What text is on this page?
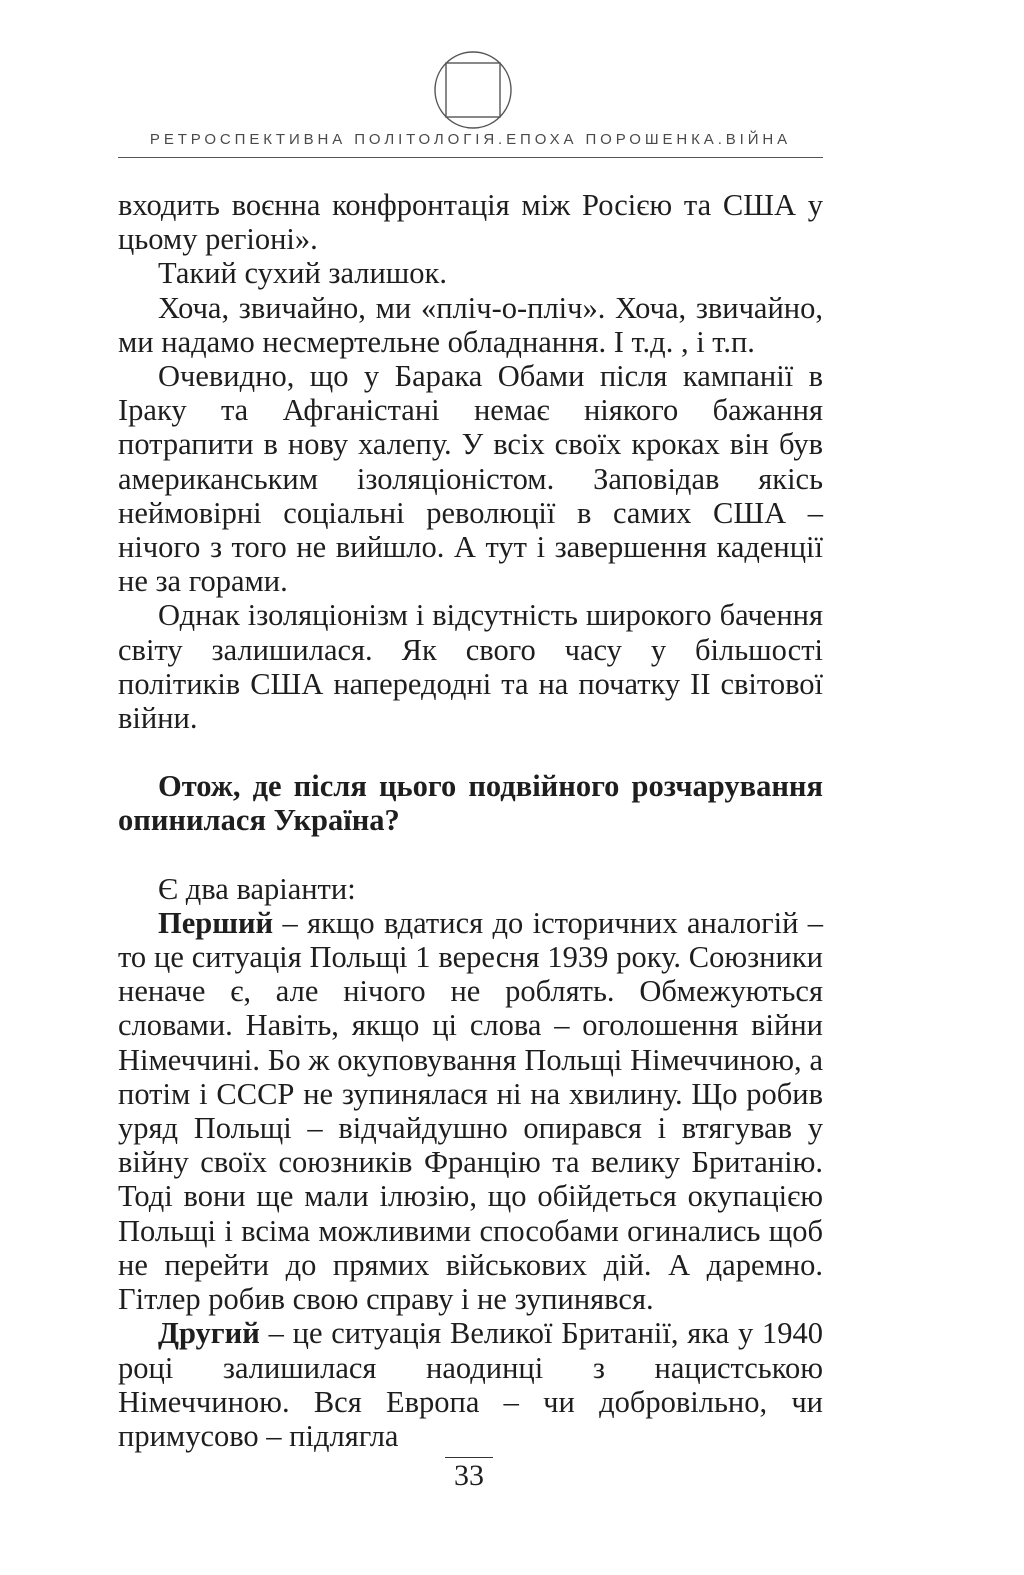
РЕТРОСПЕКТИВНА ПОЛІТОЛОГІЯ.ЕПОХА ПОРОШЕНКА.ВІЙНА

входить воєнна конфронтація між Росією та США у цьому регіоні».

Такий сухий залишок.

Хоча, звичайно, ми «пліч-о-пліч». Хоча, звичайно, ми надамо несмертельне обладнання. І т.д. , і т.п.

Очевидно, що у Барака Обами після кампанії в Іраку та Афганістані немає ніякого бажання потрапити в нову халепу. У всіх своїх кроках він був американським ізоляціоністом. Заповідав якісь неймовірні соціальні революції в самих США – нічого з того не вийшло. А тут і завершення каденції не за горами.

Однак ізоляціонізм і відсутність широкого бачення світу залишилася. Як свого часу у більшості політиків США напередодні та на початку ІІ світової війни.

Отож, де після цього подвійного розчарування опинилася Україна?

Є два варіанти:

Перший – якщо вдатися до історичних аналогій – то це ситуація Польщі 1 вересня 1939 року. Союзники неначе є, але нічого не роблять. Обмежуються словами. Навіть, якщо ці слова – оголошення війни Німеччині. Бо ж окуповування Польщі Німеччиною, а потім і СССР не зупинялася ні на хвилину. Що робив уряд Польщі – відчайдушно опирався і втягував у війну своїх союзників Францію та велику Британію. Тоді вони ще мали ілюзію, що обійдеться окупацією Польщі і всіма можливими способами огинались щоб не перейти до прямих військових дій. А даремно. Гітлер робив свою справу і не зупинявся.

Другий – це ситуація Великої Британії, яка у 1940 році залишилася наодинці з нацистською Німеччиною. Вся Европа – чи добровільно, чи примусово – підлягла

33
